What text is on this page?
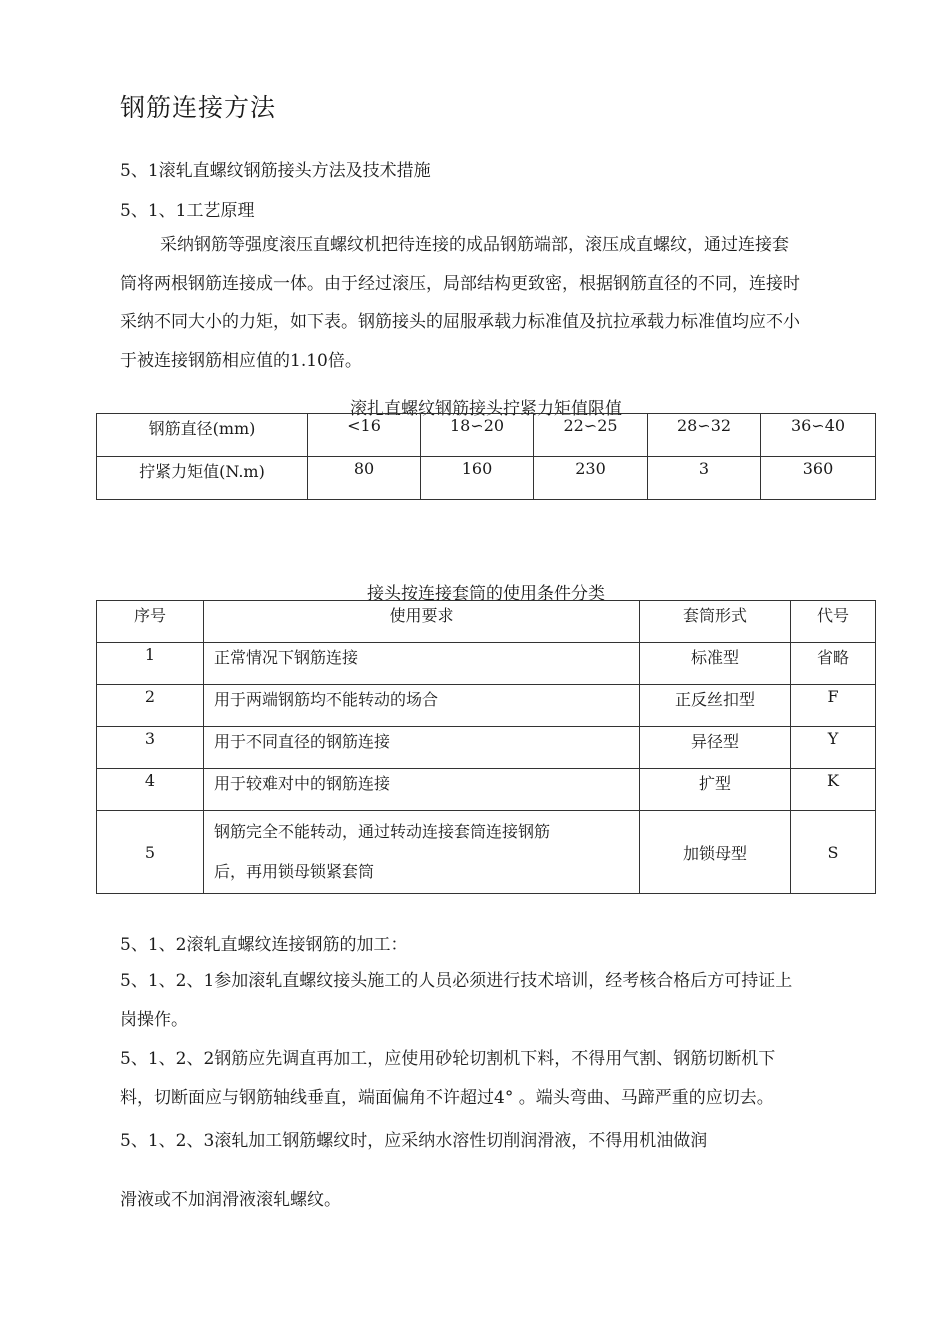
钢筋连接方法
5、1滚轧直螺纹钢筋接头方法及技术措施
5、1、1工艺原理
采纳钢筋等强度滚压直螺纹机把待连接的成品钢筋端部，滚压成直螺纹，通过连接套
筒将两根钢筋连接成一体。由于经过滚压，局部结构更致密，根据钢筋直径的不同，连接时
采纳不同大小的力矩，如下表。钢筋接头的屈服承载力标准值及抗拉承载力标准值均应不小
于被连接钢筋相应值的1.10倍。
滚扎直螺纹钢筋接头拧紧力矩值限值
钢筋直径(mm)	<16	18∽20	22∽25	28∽32	36∽40
拧紧力矩值(N.m)	80	160	230	3	360
接头按连接套筒的使用条件分类
序号	使用要求	套筒形式	代号
1	正常情况下钢筋连接	标准型	省略
2	用于两端钢筋均不能转动的场合	正反丝扣型	F
3	用于不同直径的钢筋连接	异径型	Y
4	用于较难对中的钢筋连接	扩型	K
5	钢筋完全不能转动，通过转动连接套筒连接钢筋
后，再用锁母锁紧套筒	加锁母型	S
5、1、2滚轧直螺纹连接钢筋的加工：
5、1、2、1参加滚轧直螺纹接头施工的人员必须进行技术培训，经考核合格后方可持证上
岗操作。
5、1、2、2钢筋应先调直再加工，应使用砂轮切割机下料，不得用气割、钢筋切断机下
料，切断面应与钢筋轴线垂直，端面偏角不许超过4° 。端头弯曲、马蹄严重的应切去。
5、1、2、3滚轧加工钢筋螺纹时，应采纳水溶性切削润滑液，不得用机油做润
滑液或不加润滑液滚轧螺纹。
